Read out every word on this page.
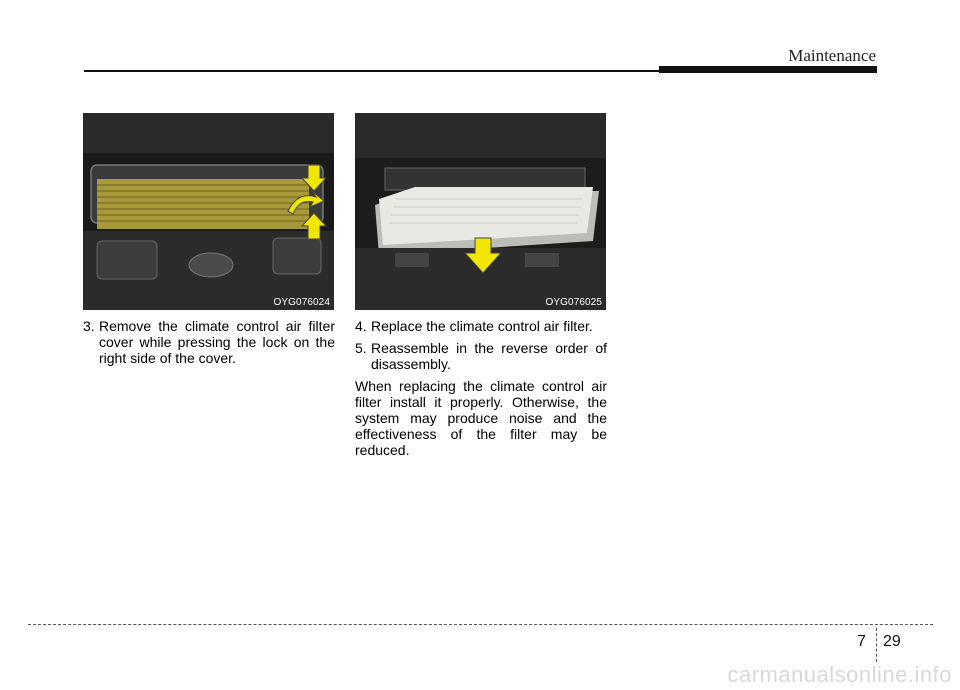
Maintenance
OYG076024	OYG076025
3. Remove the climate control air filter cover while pressing the lock on the right side of the cover.
4. Replace the climate control air filter.
5. Reassemble in the reverse order of disassembly.

When replacing the climate control air filter install it properly. Otherwise, the system may produce noise and the effectiveness of the filter may be reduced.

7 29
carmanualsonline.info
